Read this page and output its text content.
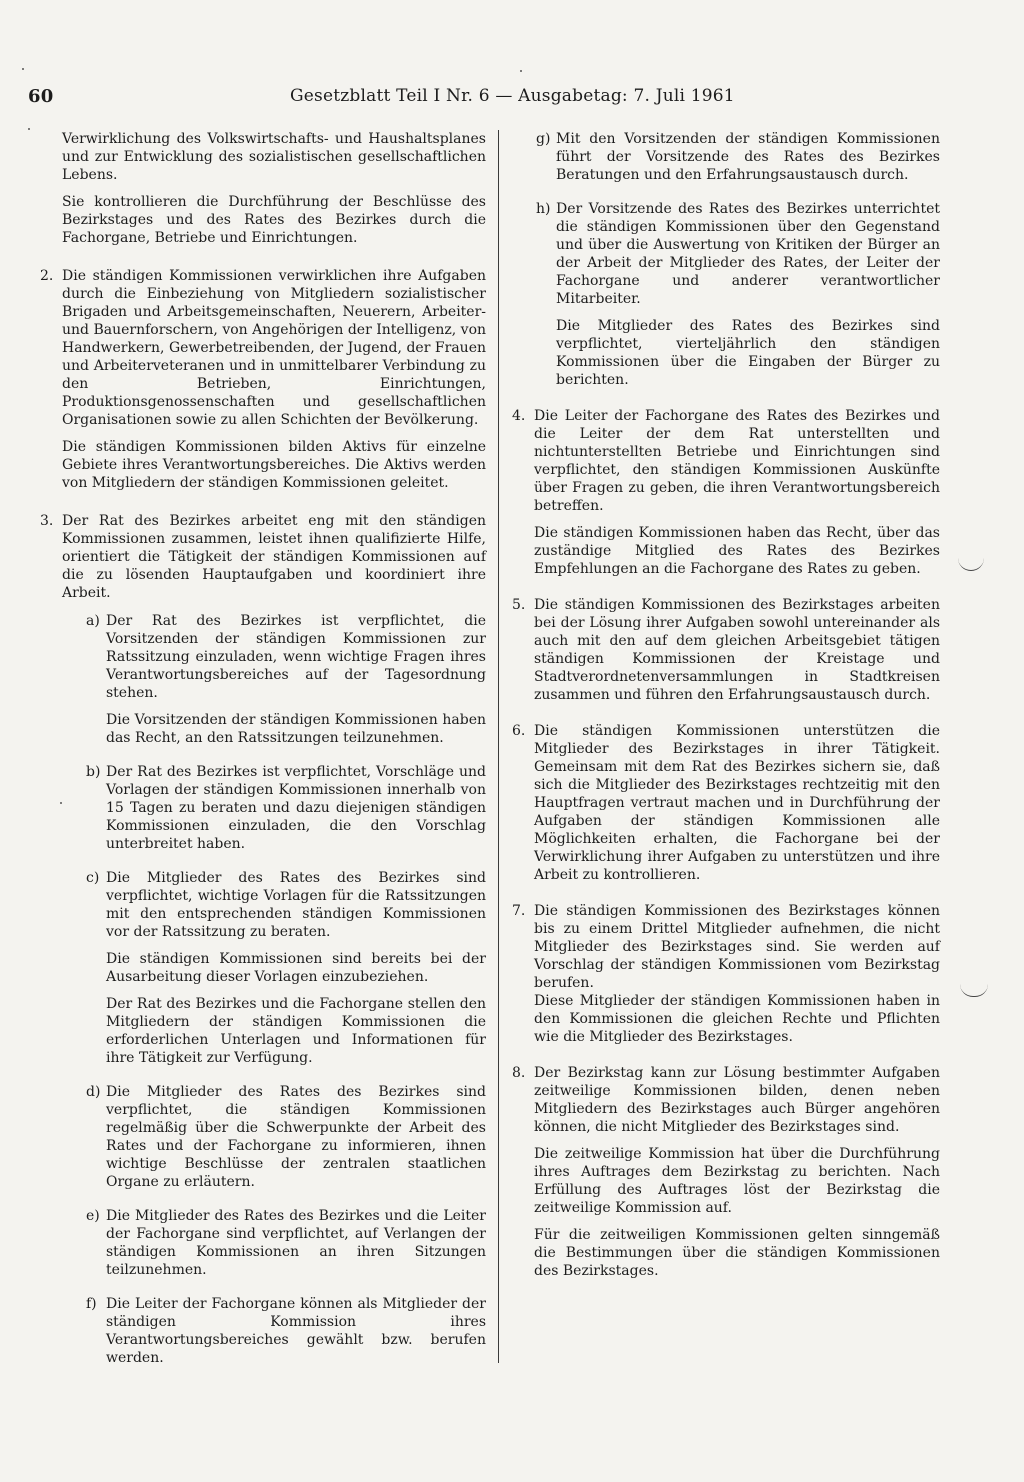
60	Gesetzblatt Teil I Nr. 6 — Ausgabetag: 7. Juli 1961

Verwirklichung des Volkswirtschafts- und Haushaltsplanes und zur Entwicklung des sozialistischen gesellschaftlichen Lebens.

Sie kontrollieren die Durchführung der Beschlüsse des Bezirkstages und des Rates des Bezirkes durch die Fachorgane, Betriebe und Einrichtungen.

2. Die ständigen Kommissionen verwirklichen ihre Aufgaben durch die Einbeziehung von Mitgliedern sozialistischer Brigaden und Arbeitsgemeinschaften, Neuerern, Arbeiter- und Bauernforschern, von Angehörigen der Intelligenz, von Handwerkern, Gewerbetreibenden, der Jugend, der Frauen und Arbeiterveteranen und in unmittelbarer Verbindung zu den Betrieben, Einrichtungen, Produktionsgenossenschaften und gesellschaftlichen Organisationen sowie zu allen Schichten der Bevölkerung.

Die ständigen Kommissionen bilden Aktivs für einzelne Gebiete ihres Verantwortungsbereiches. Die Aktivs werden von Mitgliedern der ständigen Kommissionen geleitet.

3. Der Rat des Bezirkes arbeitet eng mit den ständigen Kommissionen zusammen, leistet ihnen qualifizierte Hilfe, orientiert die Tätigkeit der ständigen Kommissionen auf die zu lösenden Hauptaufgaben und koordiniert ihre Arbeit.

a) Der Rat des Bezirkes ist verpflichtet, die Vorsitzenden der ständigen Kommissionen zur Ratssitzung einzuladen, wenn wichtige Fragen ihres Verantwortungsbereiches auf der Tagesordnung stehen.

Die Vorsitzenden der ständigen Kommissionen haben das Recht, an den Ratssitzungen teilzunehmen.

b) Der Rat des Bezirkes ist verpflichtet, Vorschläge und Vorlagen der ständigen Kommissionen innerhalb von 15 Tagen zu beraten und dazu diejenigen ständigen Kommissionen einzuladen, die den Vorschlag unterbreitet haben.

c) Die Mitglieder des Rates des Bezirkes sind verpflichtet, wichtige Vorlagen für die Ratssitzungen mit den entsprechenden ständigen Kommissionen vor der Ratssitzung zu beraten.

Die ständigen Kommissionen sind bereits bei der Ausarbeitung dieser Vorlagen einzubeziehen.

Der Rat des Bezirkes und die Fachorgane stellen den Mitgliedern der ständigen Kommissionen die erforderlichen Unterlagen und Informationen für ihre Tätigkeit zur Verfügung.

d) Die Mitglieder des Rates des Bezirkes sind verpflichtet, die ständigen Kommissionen regelmäßig über die Schwerpunkte der Arbeit des Rates und der Fachorgane zu informieren, ihnen wichtige Beschlüsse der zentralen staatlichen Organe zu erläutern.

e) Die Mitglieder des Rates des Bezirkes und die Leiter der Fachorgane sind verpflichtet, auf Verlangen der ständigen Kommissionen an ihren Sitzungen teilzunehmen.

f) Die Leiter der Fachorgane können als Mitglieder der ständigen Kommission ihres Verantwortungsbereiches gewählt bzw. berufen werden.

g) Mit den Vorsitzenden der ständigen Kommissionen führt der Vorsitzende des Rates des Bezirkes Beratungen und den Erfahrungsaustausch durch.

h) Der Vorsitzende des Rates des Bezirkes unterrichtet die ständigen Kommissionen über den Gegenstand und über die Auswertung von Kritiken der Bürger an der Arbeit der Mitglieder des Rates, der Leiter der Fachorgane und anderer verantwortlicher Mitarbeiter.

Die Mitglieder des Rates des Bezirkes sind verpflichtet, vierteljährlich den ständigen Kommissionen über die Eingaben der Bürger zu berichten.

4. Die Leiter der Fachorgane des Rates des Bezirkes und die Leiter der dem Rat unterstellten und nichtunterstellten Betriebe und Einrichtungen sind verpflichtet, den ständigen Kommissionen Auskünfte über Fragen zu geben, die ihren Verantwortungsbereich betreffen.

Die ständigen Kommissionen haben das Recht, über das zuständige Mitglied des Rates des Bezirkes Empfehlungen an die Fachorgane des Rates zu geben.

5. Die ständigen Kommissionen des Bezirkstages arbeiten bei der Lösung ihrer Aufgaben sowohl untereinander als auch mit den auf dem gleichen Arbeitsgebiet tätigen ständigen Kommissionen der Kreistage und Stadtverordnetenversammlungen in Stadtkreisen zusammen und führen den Erfahrungsaustausch durch.

6. Die ständigen Kommissionen unterstützen die Mitglieder des Bezirkstages in ihrer Tätigkeit. Gemeinsam mit dem Rat des Bezirkes sichern sie, daß sich die Mitglieder des Bezirkstages rechtzeitig mit den Hauptfragen vertraut machen und in Durchführung der Aufgaben der ständigen Kommissionen alle Möglichkeiten erhalten, die Fachorgane bei der Verwirklichung ihrer Aufgaben zu unterstützen und ihre Arbeit zu kontrollieren.

7. Die ständigen Kommissionen des Bezirkstages können bis zu einem Drittel Mitglieder aufnehmen, die nicht Mitglieder des Bezirkstages sind. Sie werden auf Vorschlag der ständigen Kommissionen vom Bezirkstag berufen.

Diese Mitglieder der ständigen Kommissionen haben in den Kommissionen die gleichen Rechte und Pflichten wie die Mitglieder des Bezirkstages.

8. Der Bezirkstag kann zur Lösung bestimmter Aufgaben zeitweilige Kommissionen bilden, denen neben Mitgliedern des Bezirkstages auch Bürger angehören können, die nicht Mitglieder des Bezirkstages sind.

Die zeitweilige Kommission hat über die Durchführung ihres Auftrages dem Bezirkstag zu berichten. Nach Erfüllung des Auftrages löst der Bezirkstag die zeitweilige Kommission auf.

Für die zeitweiligen Kommissionen gelten sinngemäß die Bestimmungen über die ständigen Kommissionen des Bezirkstages.
